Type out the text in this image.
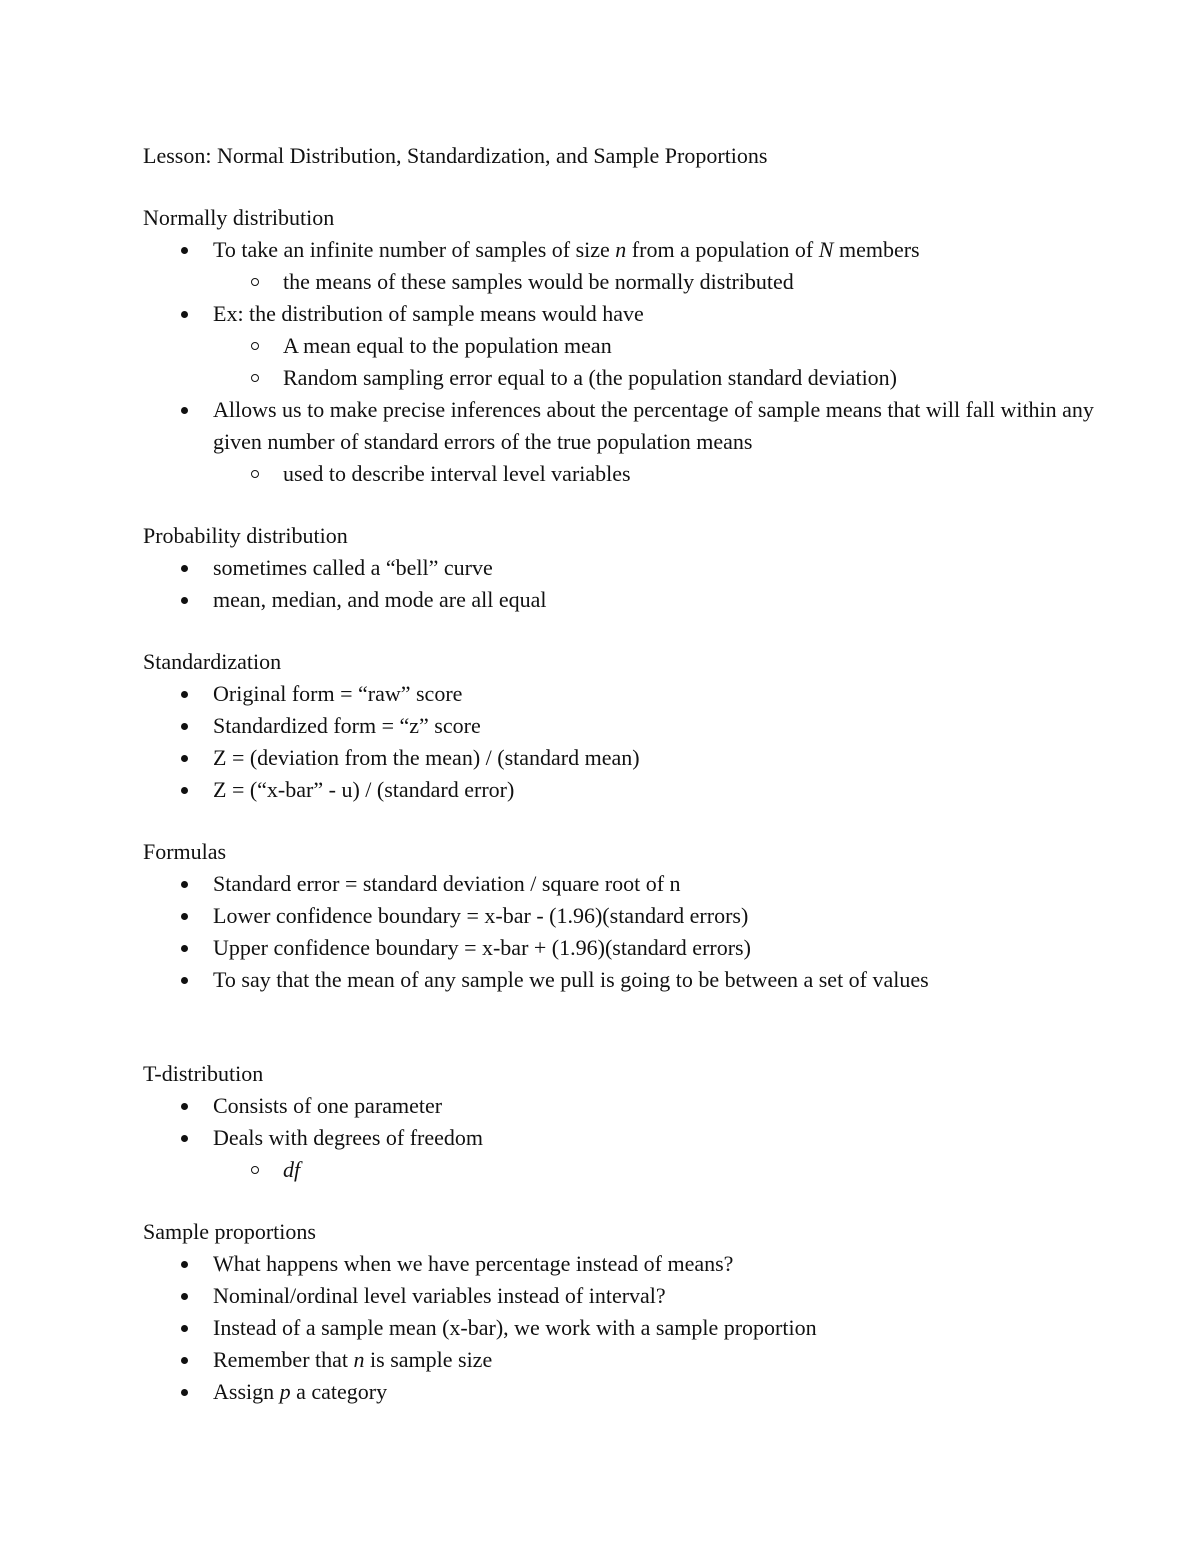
Lesson: Normal Distribution, Standardization, and Sample Proportions
Normally distribution
To take an infinite number of samples of size n from a population of N members
the means of these samples would be normally distributed
Ex: the distribution of sample means would have
A mean equal to the population mean
Random sampling error equal to a (the population standard deviation)
Allows us to make precise inferences about the percentage of sample means that will fall within any given number of standard errors of the true population means
used to describe interval level variables
Probability distribution
sometimes called a “bell” curve
mean, median, and mode are all equal
Standardization
Original form = “raw” score
Standardized form = “z” score
Z = (deviation from the mean) / (standard mean)
Z = (“x-bar” - u) / (standard error)
Formulas
Standard error = standard deviation / square root of n
Lower confidence boundary = x-bar - (1.96)(standard errors)
Upper confidence boundary = x-bar + (1.96)(standard errors)
To say that the mean of any sample we pull is going to be between a set of values
T-distribution
Consists of one parameter
Deals with degrees of freedom
df
Sample proportions
What happens when we have percentage instead of means?
Nominal/ordinal level variables instead of interval?
Instead of a sample mean (x-bar), we work with a sample proportion
Remember that n is sample size
Assign p a category
